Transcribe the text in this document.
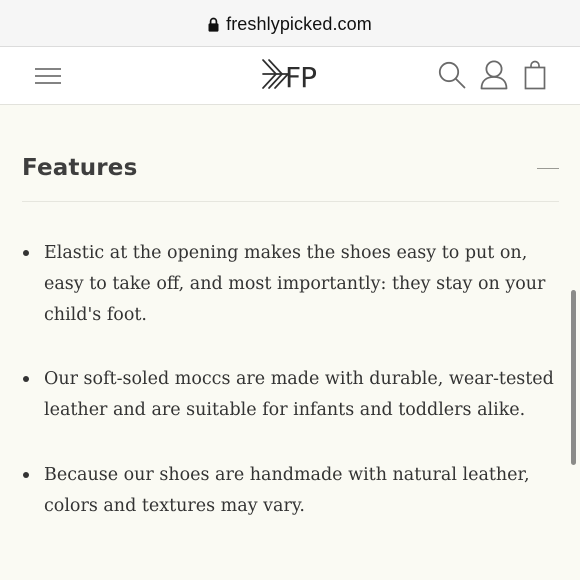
freshlypicked.com
FP
Features
Elastic at the opening makes the shoes easy to put on, easy to take off, and most importantly: they stay on your child's foot.
Our soft-soled moccs are made with durable, wear-tested leather and are suitable for infants and toddlers alike.
Because our shoes are handmade with natural leather, colors and textures may vary.
